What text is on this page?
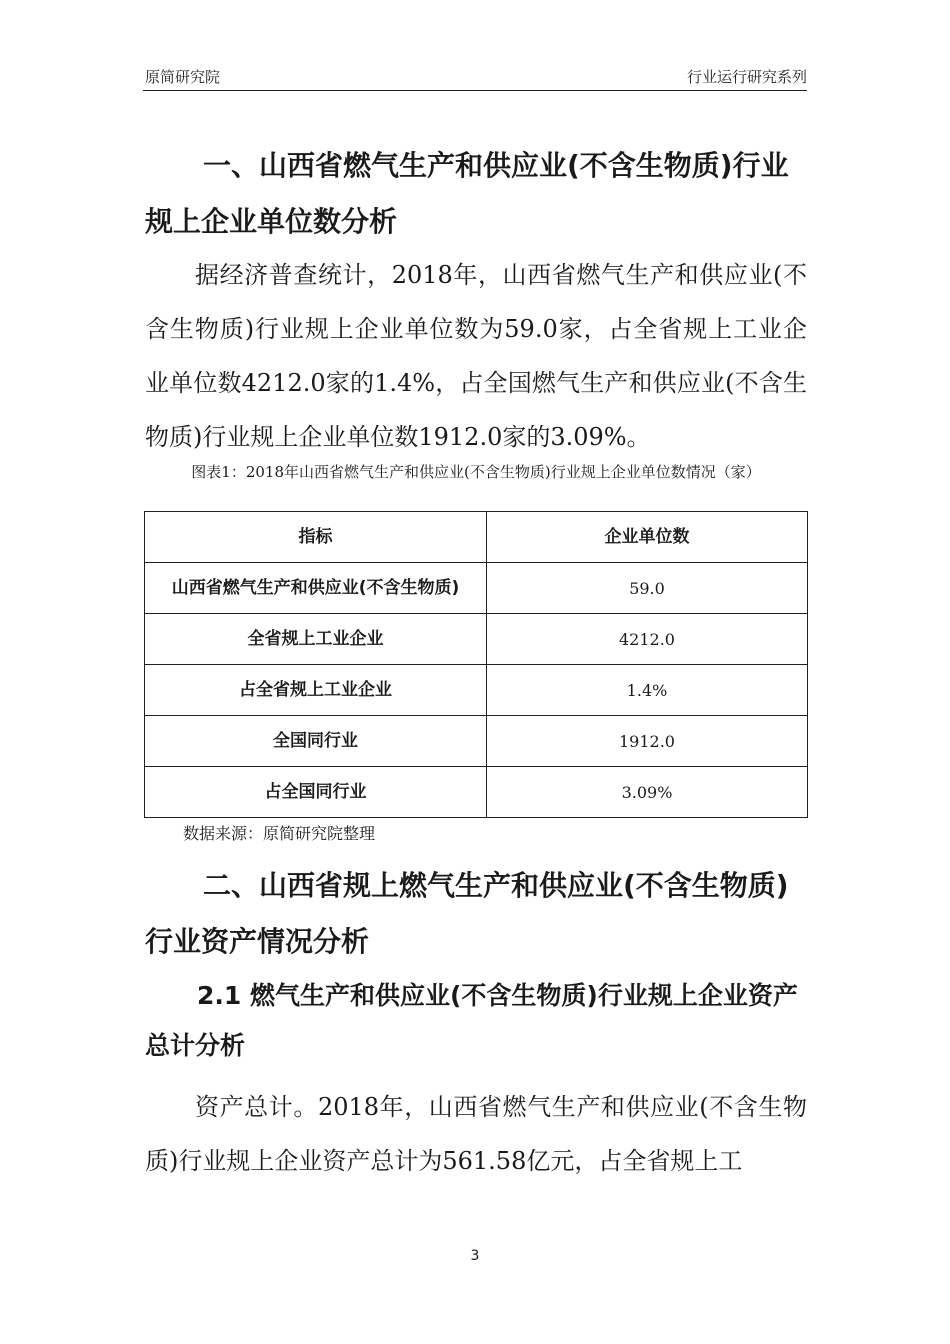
原简研究院	行业运行研究系列
一、山西省燃气生产和供应业(不含生物质)行业规上企业单位数分析

据经济普查统计，2018年，山西省燃气生产和供应业(不含生物质)行业规上企业单位数为59.0家，占全省规上工业企业单位数4212.0家的1.4%，占全国燃气生产和供应业(不含生物质)行业规上企业单位数1912.0家的3.09%。

图表1：2018年山西省燃气生产和供应业(不含生物质)行业规上企业单位数情况（家）

指标	企业单位数
山西省燃气生产和供应业(不含生物质)	59.0
全省规上工业企业	4212.0
占全省规上工业企业	1.4%
全国同行业	1912.0
占全国同行业	3.09%
数据来源：原简研究院整理
二、山西省规上燃气生产和供应业(不含生物质)行业资产情况分析
2.1 燃气生产和供应业(不含生物质)行业规上企业资产总计分析

资产总计。2018年，山西省燃气生产和供应业(不含生物质)行业规上企业资产总计为561.58亿元，占全省规上工

3
